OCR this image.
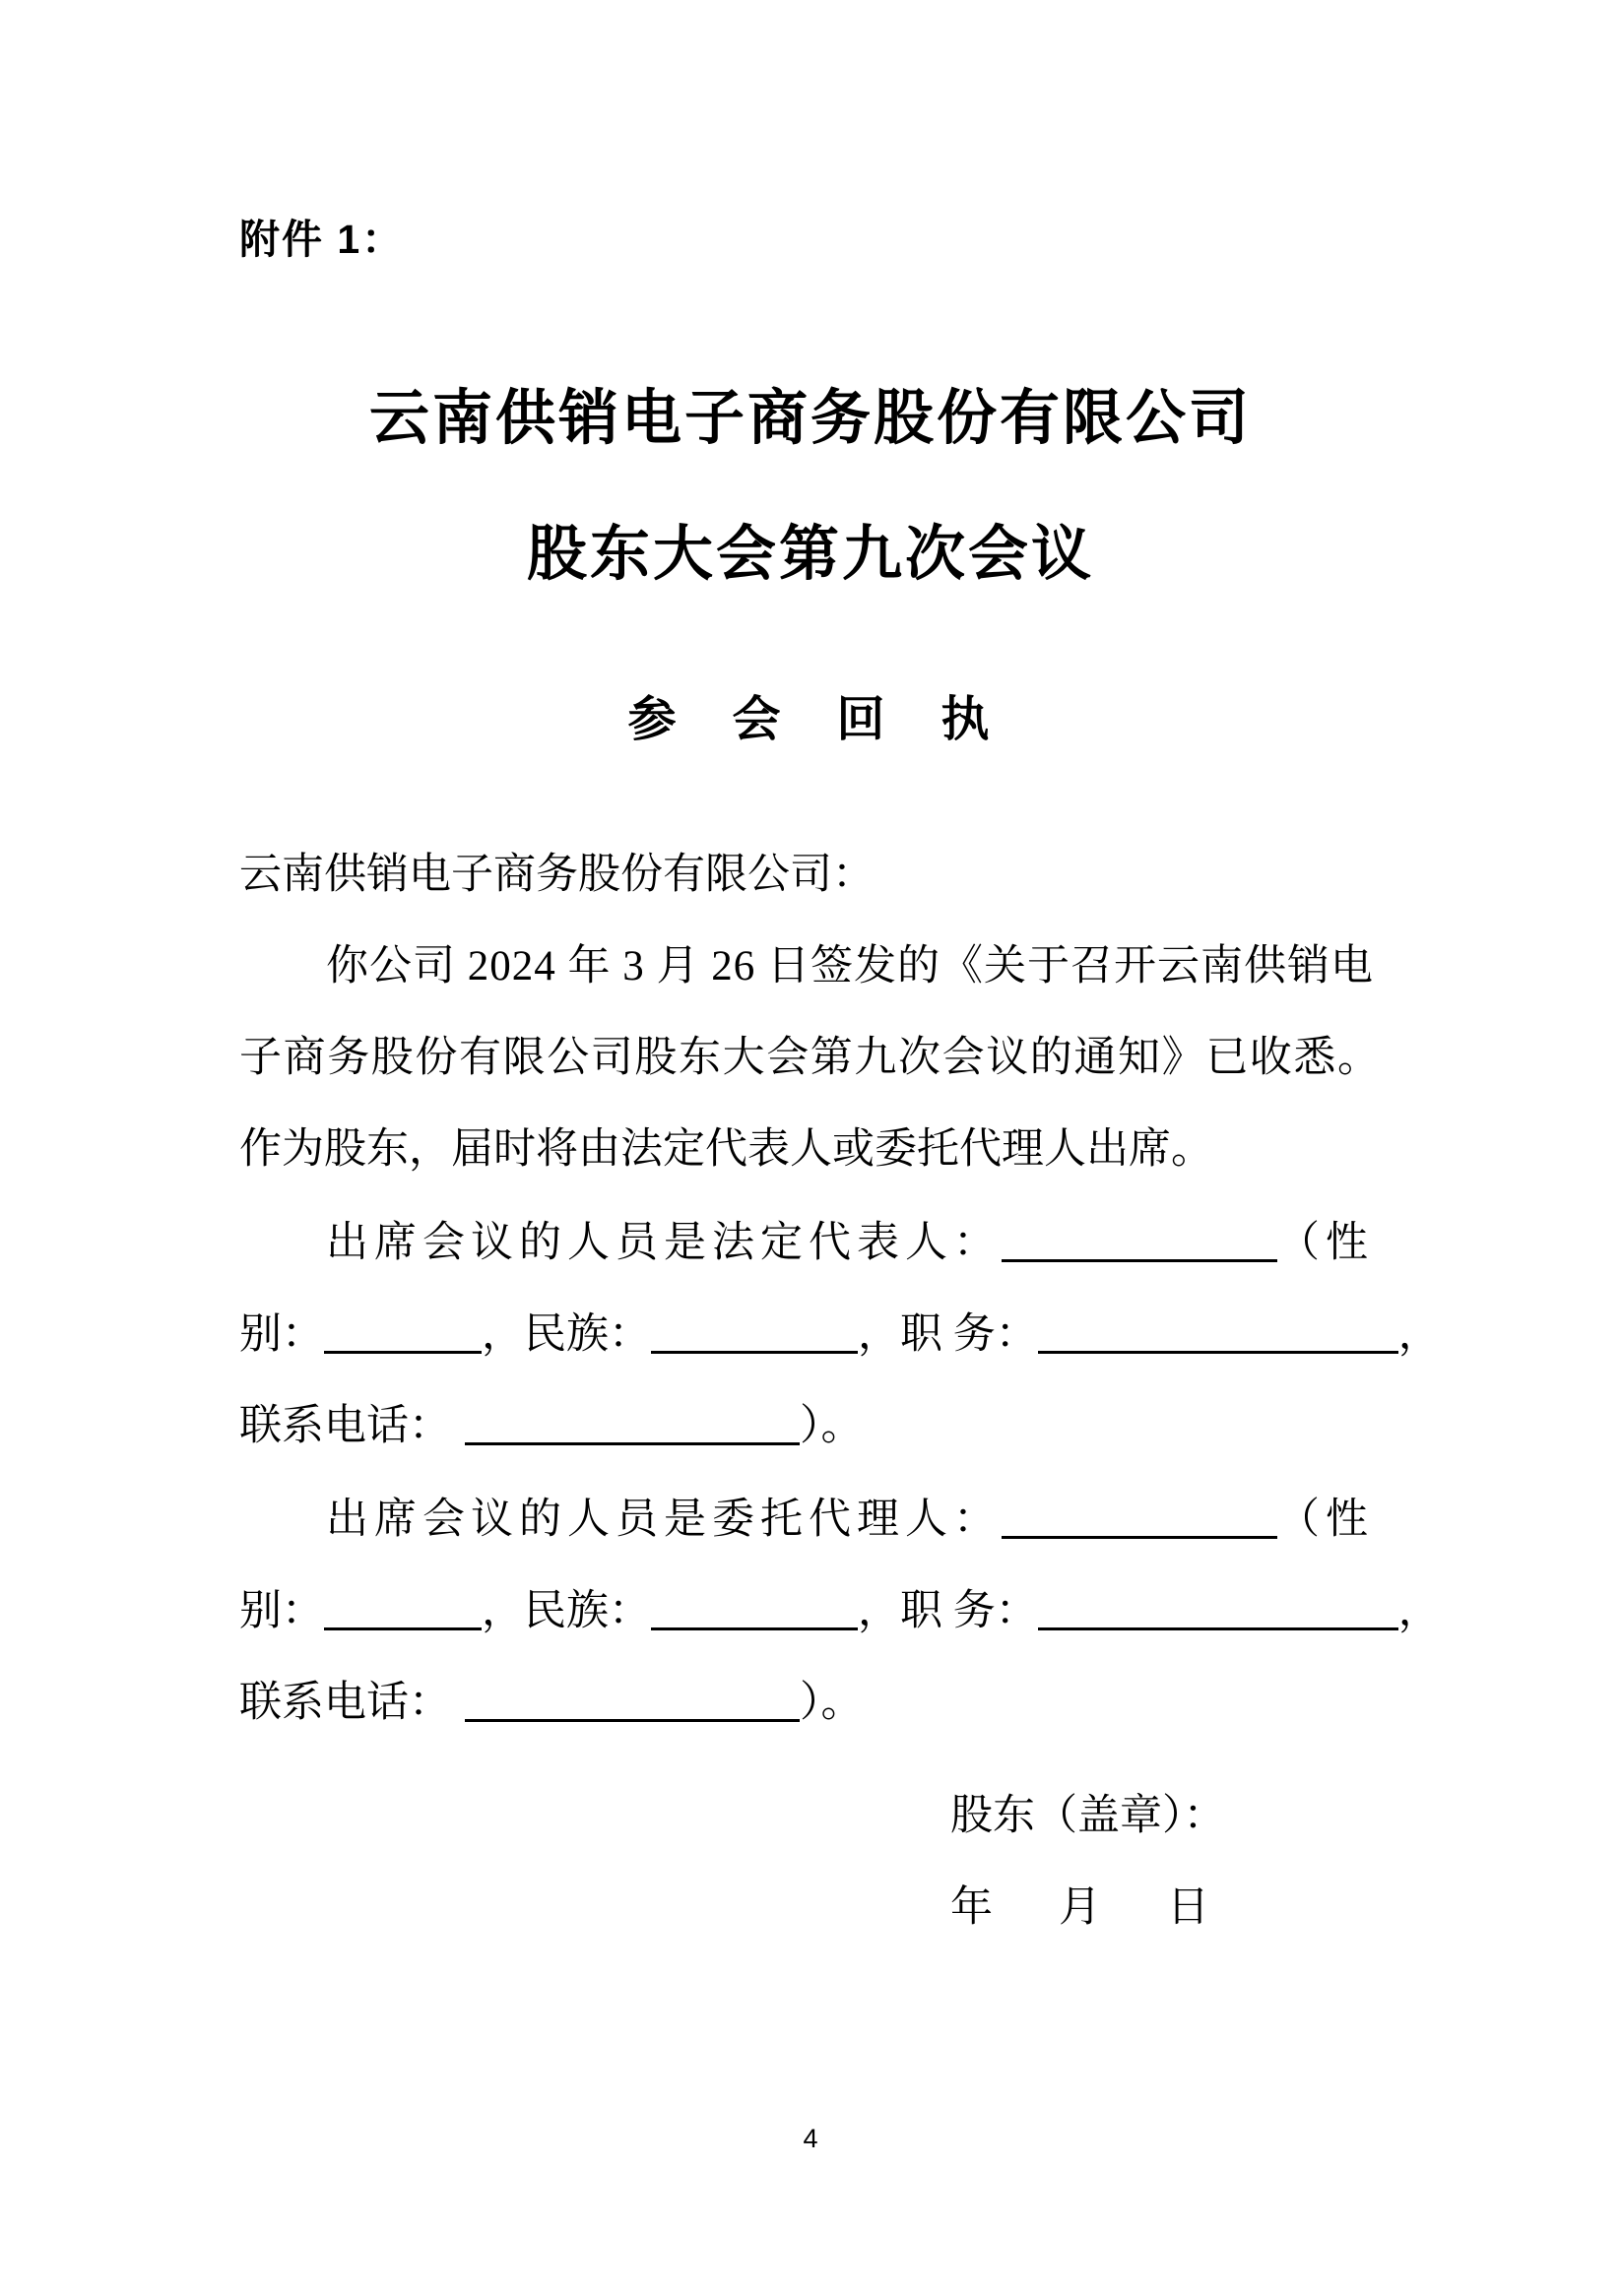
附件 1：
云南供销电子商务股份有限公司
股东大会第九次会议
参　会　回　执
云南供销电子商务股份有限公司：
你公司 2024 年 3 月 26 日签发的《关于召开云南供销电
子商务股份有限公司股东大会第九次会议的通知》已收悉。
作为股东，届时将由法定代表人或委托代理人出席。
出席会议的人员是法定代表人：	（性
别：	，民族：	，职 务：	，
联系电话：	）。
出席会议的人员是委托代理人：	（性
别：	，民族：	，职 务：	，
联系电话：	）。
股东（盖章）：
年　月　日
4
